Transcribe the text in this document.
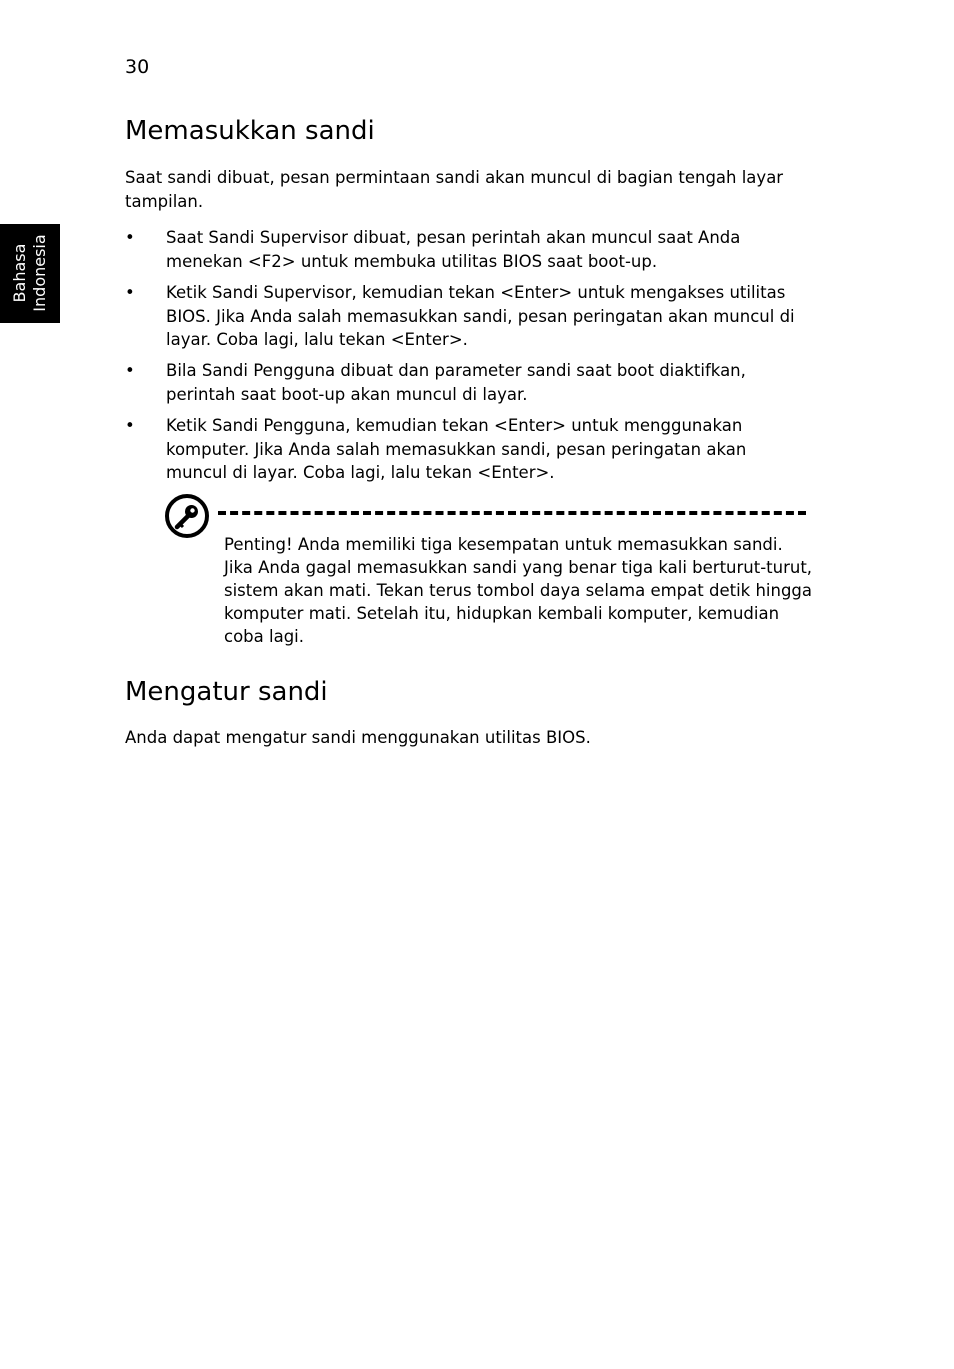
30
Bahasa
Indonesia
Memasukkan sandi

Saat sandi dibuat, pesan permintaan sandi akan muncul di bagian tengah layar tampilan.

• Saat Sandi Supervisor dibuat, pesan perintah akan muncul saat Anda menekan <F2> untuk membuka utilitas BIOS saat boot-up.
• Ketik Sandi Supervisor, kemudian tekan <Enter> untuk mengakses utilitas BIOS. Jika Anda salah memasukkan sandi, pesan peringatan akan muncul di layar. Coba lagi, lalu tekan <Enter>.
• Bila Sandi Pengguna dibuat dan parameter sandi saat boot diaktifkan, perintah saat boot-up akan muncul di layar.
• Ketik Sandi Pengguna, kemudian tekan <Enter> untuk menggunakan komputer. Jika Anda salah memasukkan sandi, pesan peringatan akan muncul di layar. Coba lagi, lalu tekan <Enter>.

Penting! Anda memiliki tiga kesempatan untuk memasukkan sandi. Jika Anda gagal memasukkan sandi yang benar tiga kali berturut-turut, sistem akan mati. Tekan terus tombol daya selama empat detik hingga komputer mati. Setelah itu, hidupkan kembali komputer, kemudian coba lagi.

Mengatur sandi

Anda dapat mengatur sandi menggunakan utilitas BIOS.
